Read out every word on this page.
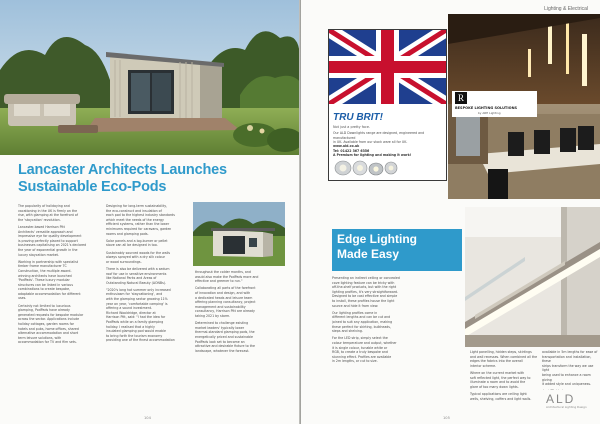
Lancaster Architects Launches
Sustainable Eco-Pods
The popularity of holidaying and
vacationing in the UK is firmly on the
rise, with glamping at the forefront of
the 'staycation' revolution.
Lancaster-based Harrison Pitt
Architects' versatile approach and
impressive eye for quality development
is proving perfectly placed to support
businesses capitalising on 2021's declared
the year of exponential growth in the
luxury staycation market.
Working in partnership with specialist
timber frame manufacturer TC
Construction, the multiple award-
winning architects have launched
'PodPads'. These luxury modular
structures can be linked in various
combinations to create bespoke,
adaptable accommodation for different
uses.
Certainly not limited to luxurious
glamping, PodPads have already
generated requests for bespoke modular
across the sector. Applications include
holiday cottages, garden rooms for
hotels and pubs, home offices, shared
alternative accommodation and short
term leisure solutions, with
accommodation for TV and film sets.
Designing for long-term sustainability,
the eco-construct and insulation of
each pod to the highest industry standards
which meet the needs of the energy
efficient systems, rather than the lower
minimums required for caravans, garden
rooms and glamping pods.
Solar panels and a log-burner or pellet
stove can all be designed in too.
Sustainably sourced woods for the walls
always sprayed with a dry silk colour
or wood surroundings.
There is also be delivered with a sedum
roof for use in sensitive environments
like National Parks and Areas of
Outstanding Natural Beauty (AONBs).
"2020's long hot summer only increased
enthusiasm for 'staycationing', and
with the glamping sector growing 11%
year on year, 'comfortable camping' is
offering a sound investment.
Richard Wooldridge, director at
Harrison Pitt, said: "I had the idea for
PodPads while on a family glamping
holiday. I realised that a highly
insulated glamping pod would enable
to bring forth the tourism economy
providing one of the finest accommodation
throughout the colder months, and
would also make the PodPads more and
effective and greener to run."
Collaborating all parts of the forefront
of innovation and design, and with
a dedicated heads and leisure team
offering planning consultancy, project
management and sustainability
consultancy, Harrison Pitt are already
taking 2021 by storm.
Determined to challenge existing
market leaders' typically lower
thermal-standard glamping pods, the
energetically priced and sustainable
PodPads look set to become an
attractive and desirable fixture to the
landscape, whatever the forecast.
104
Lighting & Electrical
TRU BRIT!
Not just a pretty face.
Our ALD Downlights range are designed, engineered and manufactured
in UK. Available from our stock ware all for UK.
www.ald.co.uk
Tel: 01422 367 6356
A Premium for lighting and making it work!
R
BESPOKE LIGHTING SOLUTIONS
by ARH Lighting
Edge Lighting
Made Easy
Presenting an indirect ceiling or concealed
cove lighting feature can be tricky with
off-the-shelf products, but with the right
lighting profiles, it's very straightforward.
Designed to be cost effective and simple
to install, these profiles house the light
source and hide it from view.
Our lighting profiles come in
different lengths and can be cut and
joined to suit any application, making
these perfect for skirting, bulkheads,
steps and shelving.
For the LED strip, simply select the
colour temperature and output, whether
it is single colour, tunable white or
RGB, to create a truly bespoke and
stunning effect. Profiles are available
in 2m lengths, or cut to size.
Light panelling, hidden steps, skirtings
and wall recesses. When combined all the
edges the fabrics into the overall
interior scheme.
Where on the current market with
soft reflected light, the perfect way to
illuminate a room and to avoid the
glare of too many down lights.
Typical applications are ceiling light
wells, shelving, coffers and light walls.
available in 5m lengths for ease of
transportation and installation, these
strips transform the way we use light
being used to enhance a room giving
it added style and uniqueness.
ALD
Architectural Lighting Design
105
